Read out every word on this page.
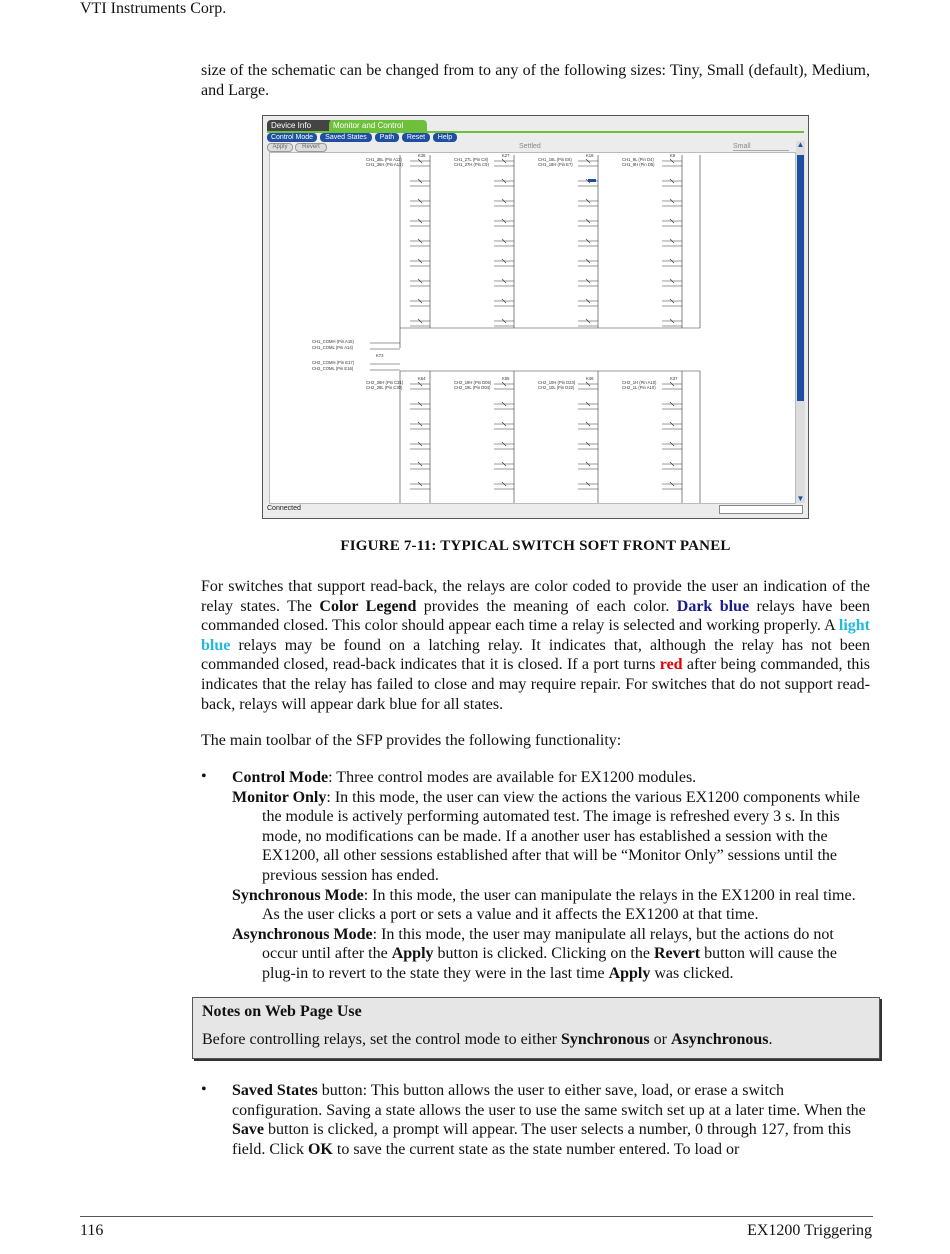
VTI Instruments Corp.
size of the schematic can be changed from to any of the following sizes: Tiny, Small (default), Medium, and Large.
Device Info	Monitor and Control
Control Mode	Saved States	Path	Reset	Help
Apply	Revert	Settled	Small
CH1_36L (Pin A12)
CH1_36H (Pin A13)
K36
CH1_27L (Pin C8)
CH1_27H (Pin C9)
K27
CH1_18L (Pin E6)
CH1_18H (Pin E7)
K18
CH1_9L (Pin D4)
CH1_9H (Pin D5)
K9
CH1_COMH (Pin A15)
CH1_COML (Pin A14)
K73
CH2_COMH (Pin E17)
CH2_COML (Pin E16)
CH2_28H (Pin C31)
CH2_28L (Pin C30)
K64
CH2_19H (Pin D05)
CH2_19L (Pin D04)
K55
CH2_10H (Pin D23)
CH2_10L (Pin D22)
K46
CH2_1H (Pin A10)
CH2_1L (Pin A10)
K37
▲
▼
Connected
FIGURE 7-11: TYPICAL SWITCH SOFT FRONT PANEL
For switches that support read-back, the relays are color coded to provide the user an indication of the relay states. The Color Legend provides the meaning of each color. Dark blue relays have been commanded closed. This color should appear each time a relay is selected and working properly. A light blue relays may be found on a latching relay. It indicates that, although the relay has not been commanded closed, read-back indicates that it is closed. If a port turns red after being commanded, this indicates that the relay has failed to close and may require repair. For switches that do not support read-back, relays will appear dark blue for all states.
The main toolbar of the SFP provides the following functionality:
• Control Mode: Three control modes are available for EX1200 modules.
Monitor Only: In this mode, the user can view the actions the various EX1200 components while the module is actively performing automated test. The image is refreshed every 3 s. In this mode, no modifications can be made. If a another user has established a session with the EX1200, all other sessions established after that will be “Monitor Only” sessions until the previous session has ended.
Synchronous Mode: In this mode, the user can manipulate the relays in the EX1200 in real time. As the user clicks a port or sets a value and it affects the EX1200 at that time.
Asynchronous Mode: In this mode, the user may manipulate all relays, but the actions do not occur until after the Apply button is clicked. Clicking on the Revert button will cause the plug-in to revert to the state they were in the last time Apply was clicked.
Notes on Web Page Use
Before controlling relays, set the control mode to either Synchronous or Asynchronous.
• Saved States button: This button allows the user to either save, load, or erase a switch configuration. Saving a state allows the user to use the same switch set up at a later time. When the Save button is clicked, a prompt will appear. The user selects a number, 0 through 127, from this field. Click OK to save the current state as the state number entered. To load or
116	EX1200 Triggering
